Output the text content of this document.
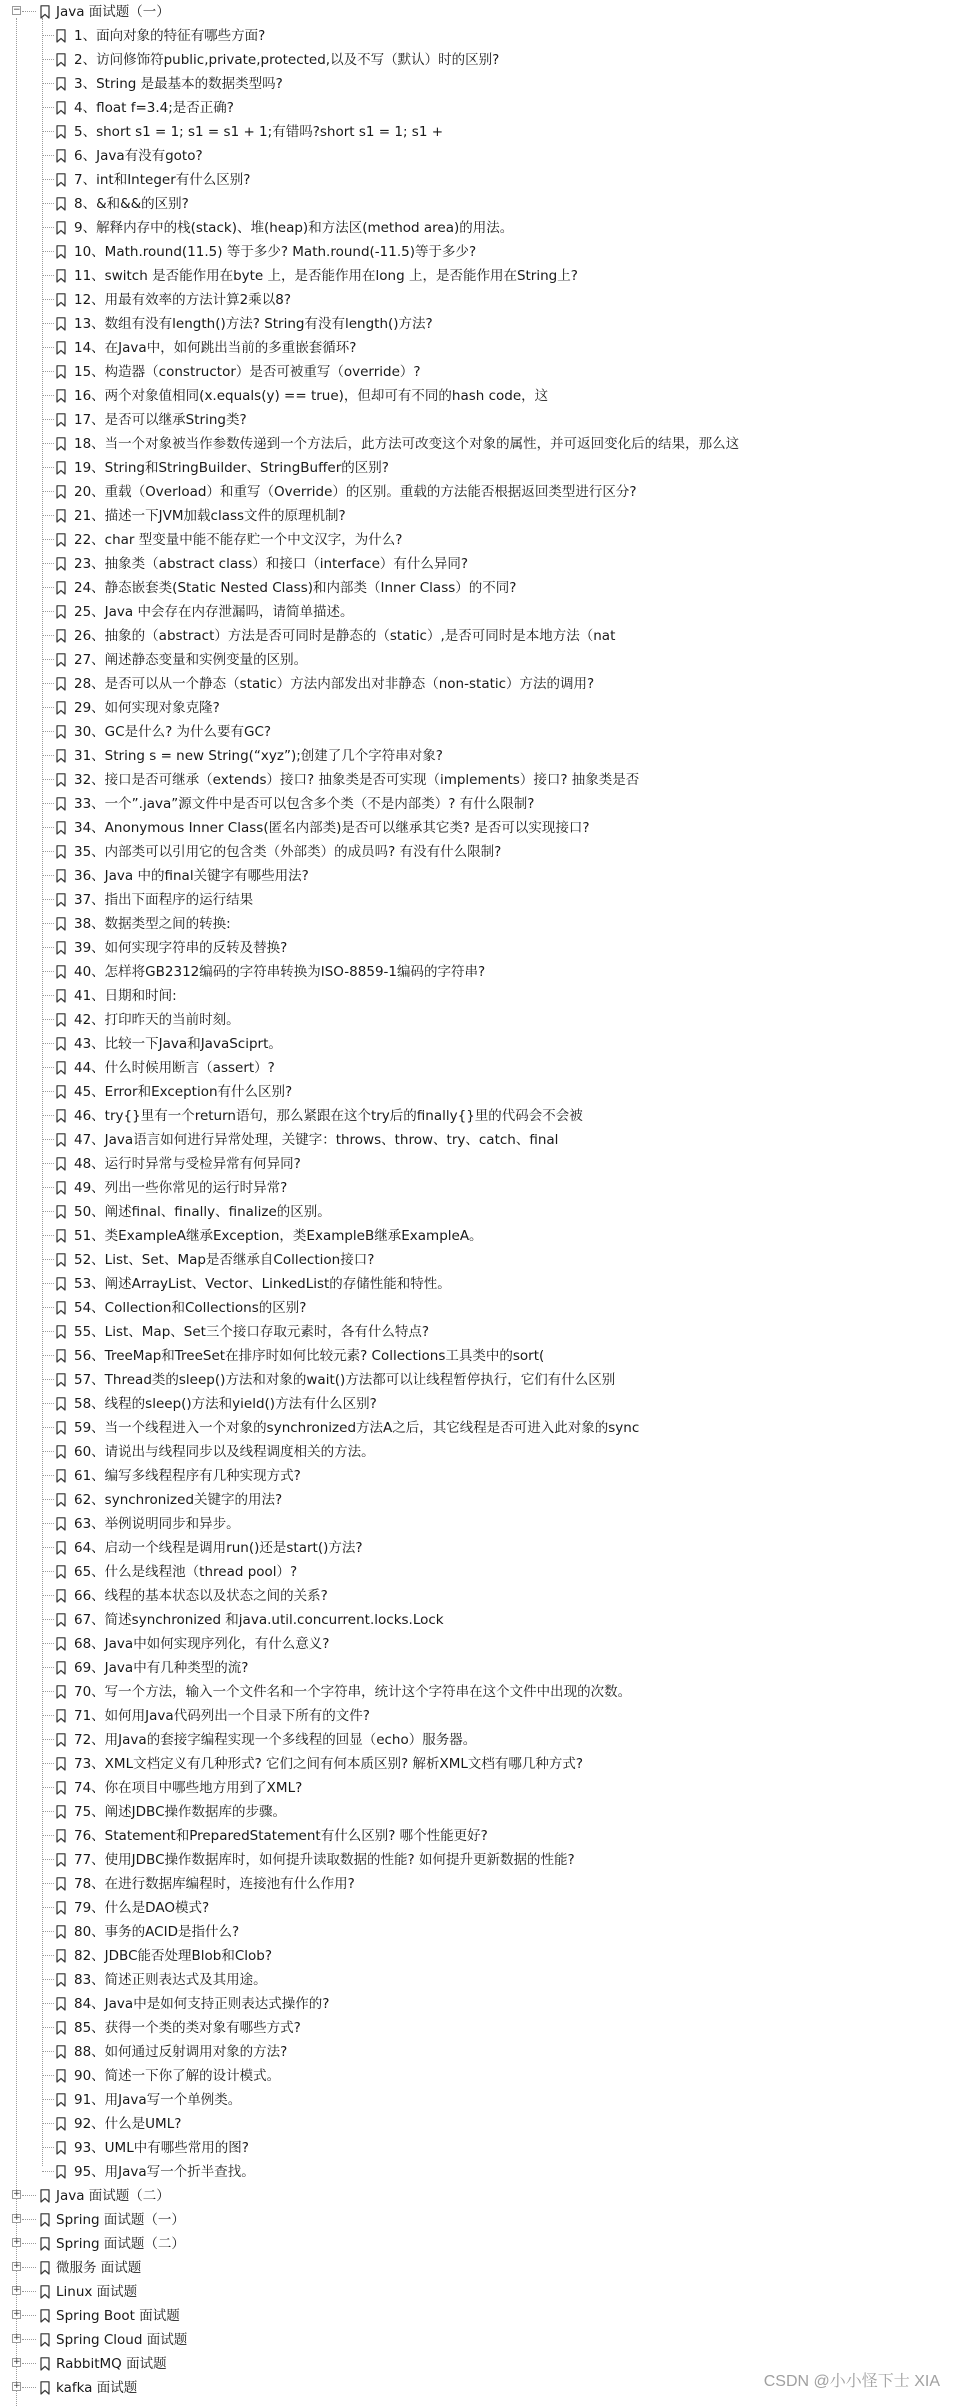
−	Java 面试题（一）
1、面向对象的特征有哪些方面?
2、访问修饰符public,private,protected,以及不写（默认）时的区别?
3、String 是最基本的数据类型吗?
4、float f=3.4;是否正确?
5、short s1 = 1; s1 = s1 + 1;有错吗?short s1 = 1; s1 +
6、Java有没有goto?
7、int和Integer有什么区别?
8、&和&&的区别?
9、解释内存中的栈(stack)、堆(heap)和方法区(method area)的用法。
10、Math.round(11.5) 等于多少? Math.round(-11.5)等于多少?
11、switch 是否能作用在byte 上，是否能作用在long 上，是否能作用在String上?
12、用最有效率的方法计算2乘以8?
13、数组有没有length()方法? String有没有length()方法?
14、在Java中，如何跳出当前的多重嵌套循环?
15、构造器（constructor）是否可被重写（override）?
16、两个对象值相同(x.equals(y) == true)，但却可有不同的hash code，这
17、是否可以继承String类?
18、当一个对象被当作参数传递到一个方法后，此方法可改变这个对象的属性，并可返回变化后的结果，那么这
19、String和StringBuilder、StringBuffer的区别?
20、重载（Overload）和重写（Override）的区别。重载的方法能否根据返回类型进行区分?
21、描述一下JVM加载class文件的原理机制?
22、char 型变量中能不能存贮一个中文汉字，为什么?
23、抽象类（abstract class）和接口（interface）有什么异同?
24、静态嵌套类(Static Nested Class)和内部类（Inner Class）的不同?
25、Java 中会存在内存泄漏吗，请简单描述。
26、抽象的（abstract）方法是否可同时是静态的（static）,是否可同时是本地方法（nat
27、阐述静态变量和实例变量的区别。
28、是否可以从一个静态（static）方法内部发出对非静态（non-static）方法的调用?
29、如何实现对象克隆?
30、GC是什么? 为什么要有GC?
31、String s = new String(“xyz”);创建了几个字符串对象?
32、接口是否可继承（extends）接口? 抽象类是否可实现（implements）接口? 抽象类是否
33、一个”.java”源文件中是否可以包含多个类（不是内部类）? 有什么限制?
34、Anonymous Inner Class(匿名内部类)是否可以继承其它类? 是否可以实现接口?
35、内部类可以引用它的包含类（外部类）的成员吗? 有没有什么限制?
36、Java 中的final关键字有哪些用法?
37、指出下面程序的运行结果
38、数据类型之间的转换:
39、如何实现字符串的反转及替换?
40、怎样将GB2312编码的字符串转换为ISO-8859-1编码的字符串?
41、日期和时间:
42、打印昨天的当前时刻。
43、比较一下Java和JavaSciprt。
44、什么时候用断言（assert）?
45、Error和Exception有什么区别?
46、try{}里有一个return语句，那么紧跟在这个try后的finally{}里的代码会不会被
47、Java语言如何进行异常处理，关键字：throws、throw、try、catch、final
48、运行时异常与受检异常有何异同?
49、列出一些你常见的运行时异常?
50、阐述final、finally、finalize的区别。
51、类ExampleA继承Exception，类ExampleB继承ExampleA。
52、List、Set、Map是否继承自Collection接口?
53、阐述ArrayList、Vector、LinkedList的存储性能和特性。
54、Collection和Collections的区别?
55、List、Map、Set三个接口存取元素时，各有什么特点?
56、TreeMap和TreeSet在排序时如何比较元素? Collections工具类中的sort(
57、Thread类的sleep()方法和对象的wait()方法都可以让线程暂停执行，它们有什么区别
58、线程的sleep()方法和yield()方法有什么区别?
59、当一个线程进入一个对象的synchronized方法A之后，其它线程是否可进入此对象的sync
60、请说出与线程同步以及线程调度相关的方法。
61、编写多线程程序有几种实现方式?
62、synchronized关键字的用法?
63、举例说明同步和异步。
64、启动一个线程是调用run()还是start()方法?
65、什么是线程池（thread pool）?
66、线程的基本状态以及状态之间的关系?
67、简述synchronized 和java.util.concurrent.locks.Lock
68、Java中如何实现序列化，有什么意义?
69、Java中有几种类型的流?
70、写一个方法，输入一个文件名和一个字符串，统计这个字符串在这个文件中出现的次数。
71、如何用Java代码列出一个目录下所有的文件?
72、用Java的套接字编程实现一个多线程的回显（echo）服务器。
73、XML文档定义有几种形式? 它们之间有何本质区别? 解析XML文档有哪几种方式?
74、你在项目中哪些地方用到了XML?
75、阐述JDBC操作数据库的步骤。
76、Statement和PreparedStatement有什么区别? 哪个性能更好?
77、使用JDBC操作数据库时，如何提升读取数据的性能? 如何提升更新数据的性能?
78、在进行数据库编程时，连接池有什么作用?
79、什么是DAO模式?
80、事务的ACID是指什么?
82、JDBC能否处理Blob和Clob?
83、简述正则表达式及其用途。
84、Java中是如何支持正则表达式操作的?
85、获得一个类的类对象有哪些方式?
88、如何通过反射调用对象的方法?
90、简述一下你了解的设计模式。
91、用Java写一个单例类。
92、什么是UML?
93、UML中有哪些常用的图?
95、用Java写一个折半查找。
+	Java 面试题（二）
+	Spring 面试题（一）
+	Spring 面试题（二）
+	微服务 面试题
+	Linux 面试题
+	Spring Boot 面试题
+	Spring Cloud 面试题
+	RabbitMQ 面试题
+	kafka 面试题	CSDN @小小怪下士 XIA
